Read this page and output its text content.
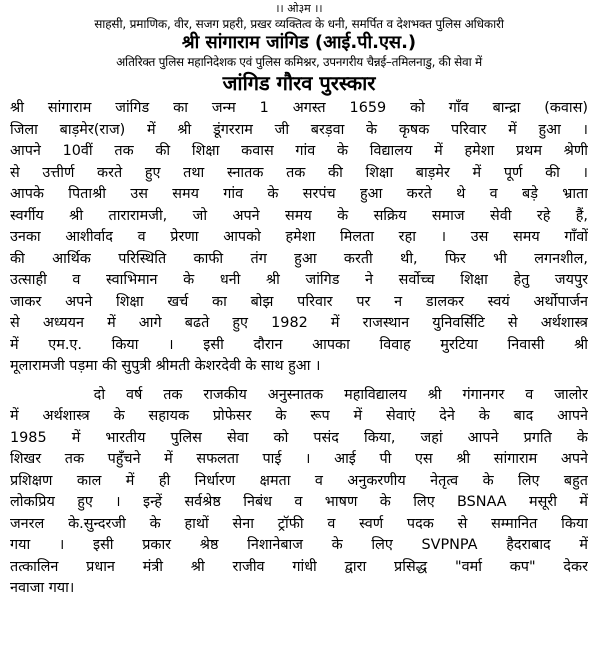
।। ओ३म ।।
साहसी, प्रमाणिक, वीर, सजग प्रहरी, प्रखर व्यक्तित्व के धनी, समर्पित व देशभक्त पुलिस अधिकारी
श्री सांगाराम जांगिड (आई.पी.एस.)
अतिरिक्त पुलिस महानिदेशक एवं पुलिस कमिश्नर, उपनगरीय चैन्नई–तमिलनाडु, की सेवा में
जांगिड गौरव पुरस्कार
श्री सांगाराम जांगिड का जन्म 1 अगस्त 1659 को गाँव बान्द्रा (कवास)
जिला बाड़मेर(राज) में श्री डूंगरराम जी बरड़वा के कृषक परिवार में हुआ ।
आपने 10वीं तक की शिक्षा कवास गांव के विद्यालय में हमेशा प्रथम श्रेणी
से उत्तीर्ण करते हुए तथा स्नातक तक की शिक्षा बाड़मेर में पूर्ण की ।
आपके पिताश्री उस समय गांव के सरपंच हुआ करते थे व बड़े भ्राता
स्वर्गीय श्री तारारामजी, जो अपने समय के सक्रिय समाज सेवी रहे हैं,
उनका आशीर्वाद व प्रेरणा आपको हमेशा मिलता रहा । उस समय गाँवों
की आर्थिक परिस्थिति काफी तंग हुआ करती थी, फिर भी लगनशील,
उत्साही व स्वाभिमान के धनी श्री जांगिड ने सर्वोच्च शिक्षा हेतु जयपुर
जाकर अपने शिक्षा खर्च का बोझ परिवार पर न डालकर स्वयं अर्थोपार्जन
से अध्ययन में आगे बढते हुए 1982 में राजस्थान युनिवर्सिटि से अर्थशास्त्र
में एम.ए. किया । इसी दौरान आपका विवाह मुरटिया निवासी श्री
मूलारामजी पड़मा की सुपुत्री श्रीमती केशरदेवी के साथ हुआ ।
दो वर्ष तक राजकीय अनुस्नातक महाविद्यालय श्री गंगानगर व जालोर
में अर्थशास्त्र के सहायक प्रोफेसर के रूप में सेवाएं देने के बाद आपने
1985 में भारतीय पुलिस सेवा को पसंद किया, जहां आपने प्रगति के
शिखर तक पहुँचने में सफलता पाई । आई पी एस श्री सांगाराम अपने
प्रशिक्षण काल में ही निर्धारण क्षमता व अनुकरणीय नेतृत्व के लिए बहुत
लोकप्रिय हुए । इन्हें सर्वश्रेष्ठ निबंध व भाषण के लिए BSNAA मसूरी में
जनरल के.सुन्दरजी के हाथों सेना ट्रॉफी व स्वर्ण पदक से सम्मानित किया
गया । इसी प्रकार श्रेष्ठ निशानेबाज के लिए SVPNPA हैदराबाद में
तत्कालिन प्रधान मंत्री श्री राजीव गांधी द्वारा प्रसिद्ध "वर्मा कप" देकर
नवाजा गया।
